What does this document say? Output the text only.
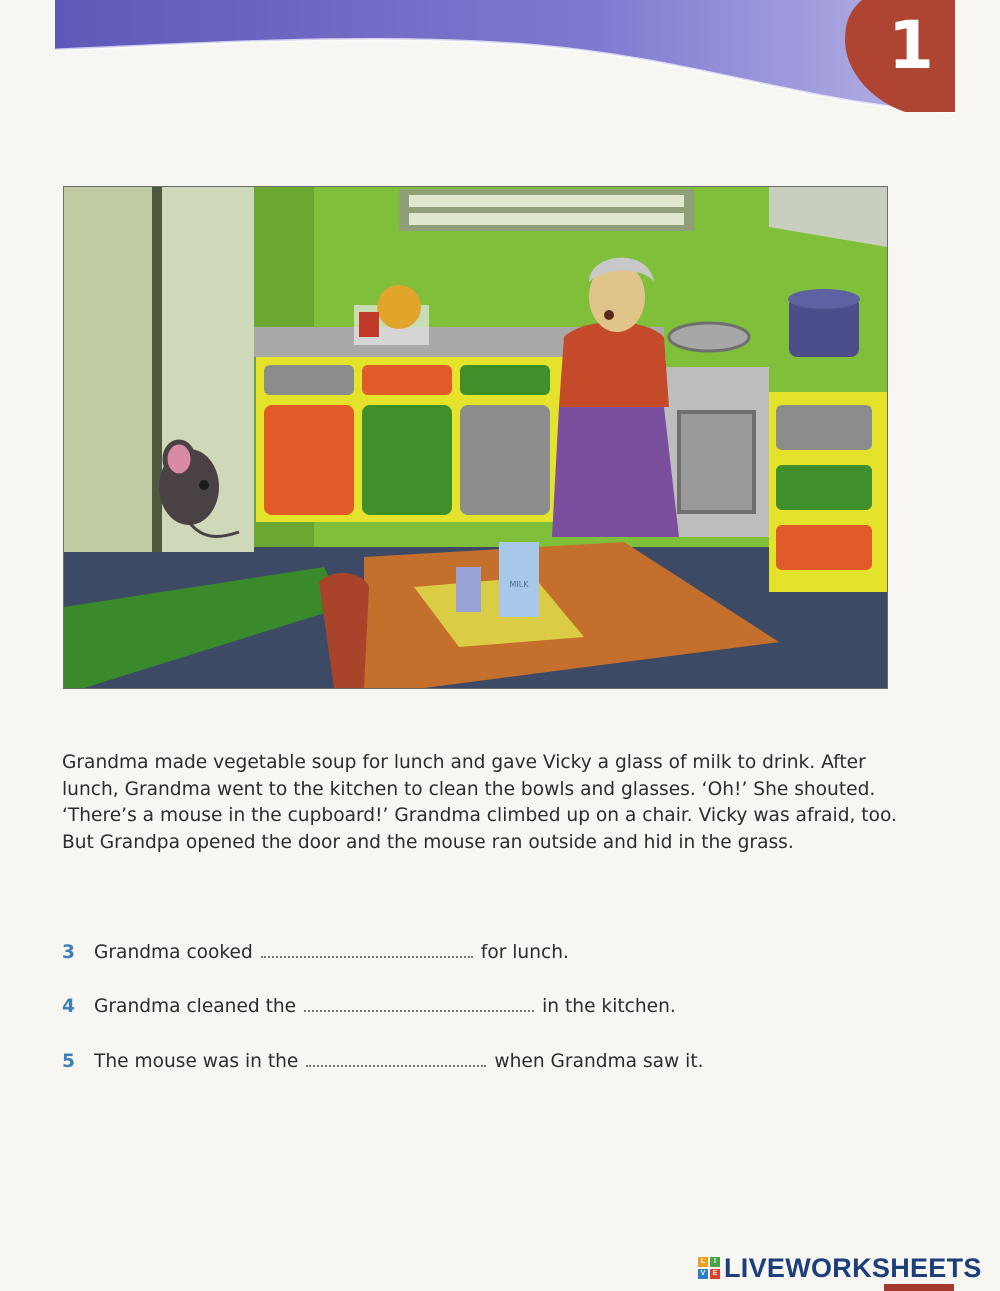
1
MILK

Grandma made vegetable soup for lunch and gave Vicky a glass of milk to drink. After lunch, Grandma went to the kitchen to clean the bowls and glasses. ‘Oh!’ She shouted. ‘There’s a mouse in the cupboard!’ Grandma climbed up on a chair. Vicky was afraid, too. But Grandpa opened the door and the mouse ran outside and hid in the grass.

3	Grandma cooked	for lunch.
4	Grandma cleaned the	in the kitchen.
5	The mouse was in the	when Grandma saw it.
L	I
V	E LIVEWORKSHEETS
